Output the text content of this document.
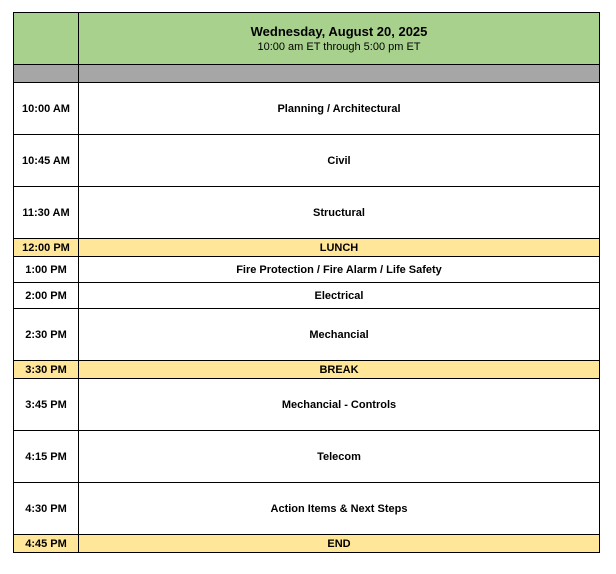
	Wednesday, August 20, 2025
10:00 am ET through 5:00 pm ET

10:00 AM	Planning / Architectural
10:45 AM	Civil
11:30 AM	Structural
12:00 PM	LUNCH
1:00 PM	Fire Protection / Fire Alarm / Life Safety
2:00 PM	Electrical
2:30 PM	Mechancial
3:30 PM	BREAK
3:45 PM	Mechancial - Controls
4:15 PM	Telecom
4:30 PM	Action Items & Next Steps
4:45 PM	END
